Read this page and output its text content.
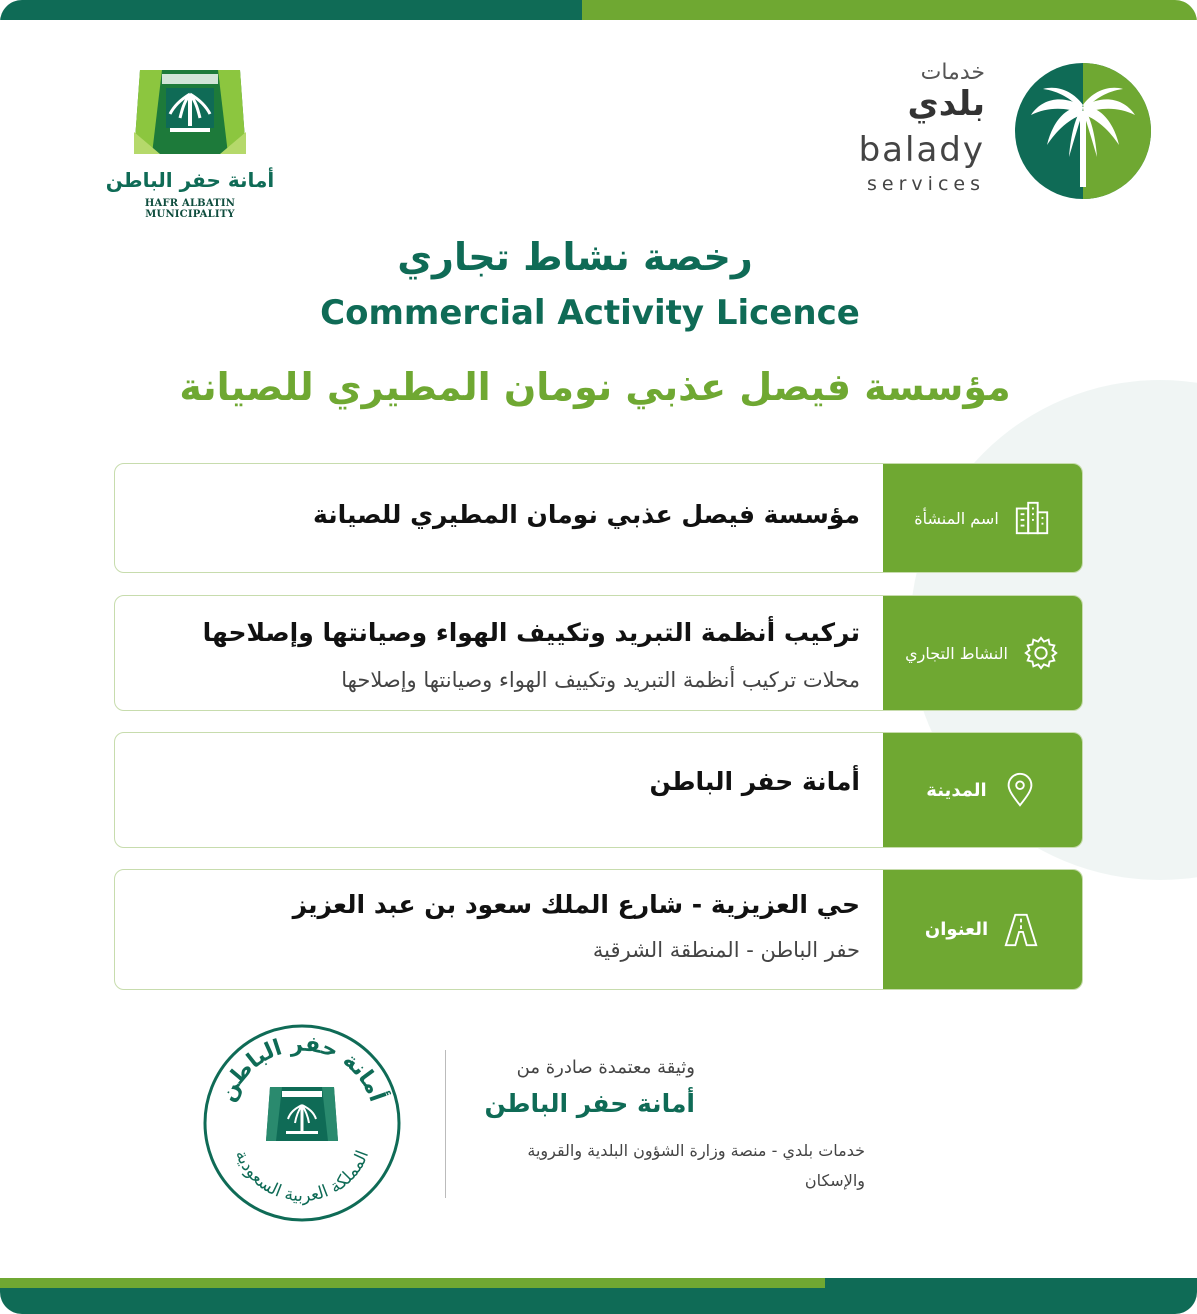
أمانة حفر الباطن
HAFR ALBATIN MUNICIPALITY
خدمات
بلدي
balady
services
رخصة نشاط تجاري
Commercial Activity Licence
مؤسسة فيصل عذبي نومان المطيري للصيانة
اسم المنشأة
مؤسسة فيصل عذبي نومان المطيري للصيانة
النشاط التجاري
تركيب أنظمة التبريد وتكييف الهواء وصيانتها وإصلاحها
محلات تركيب أنظمة التبريد وتكييف الهواء وصيانتها وإصلاحها
المدينة
أمانة حفر الباطن
العنوان
حي العزيزية - شارع الملك سعود بن عبد العزيز
حفر الباطن - المنطقة الشرقية
أمانة حفر الباطن
المملكة العربية السعودية
وثيقة معتمدة صادرة من
أمانة حفر الباطن
خدمات بلدي - منصة وزارة الشؤون البلدية والقروية والإسكان
